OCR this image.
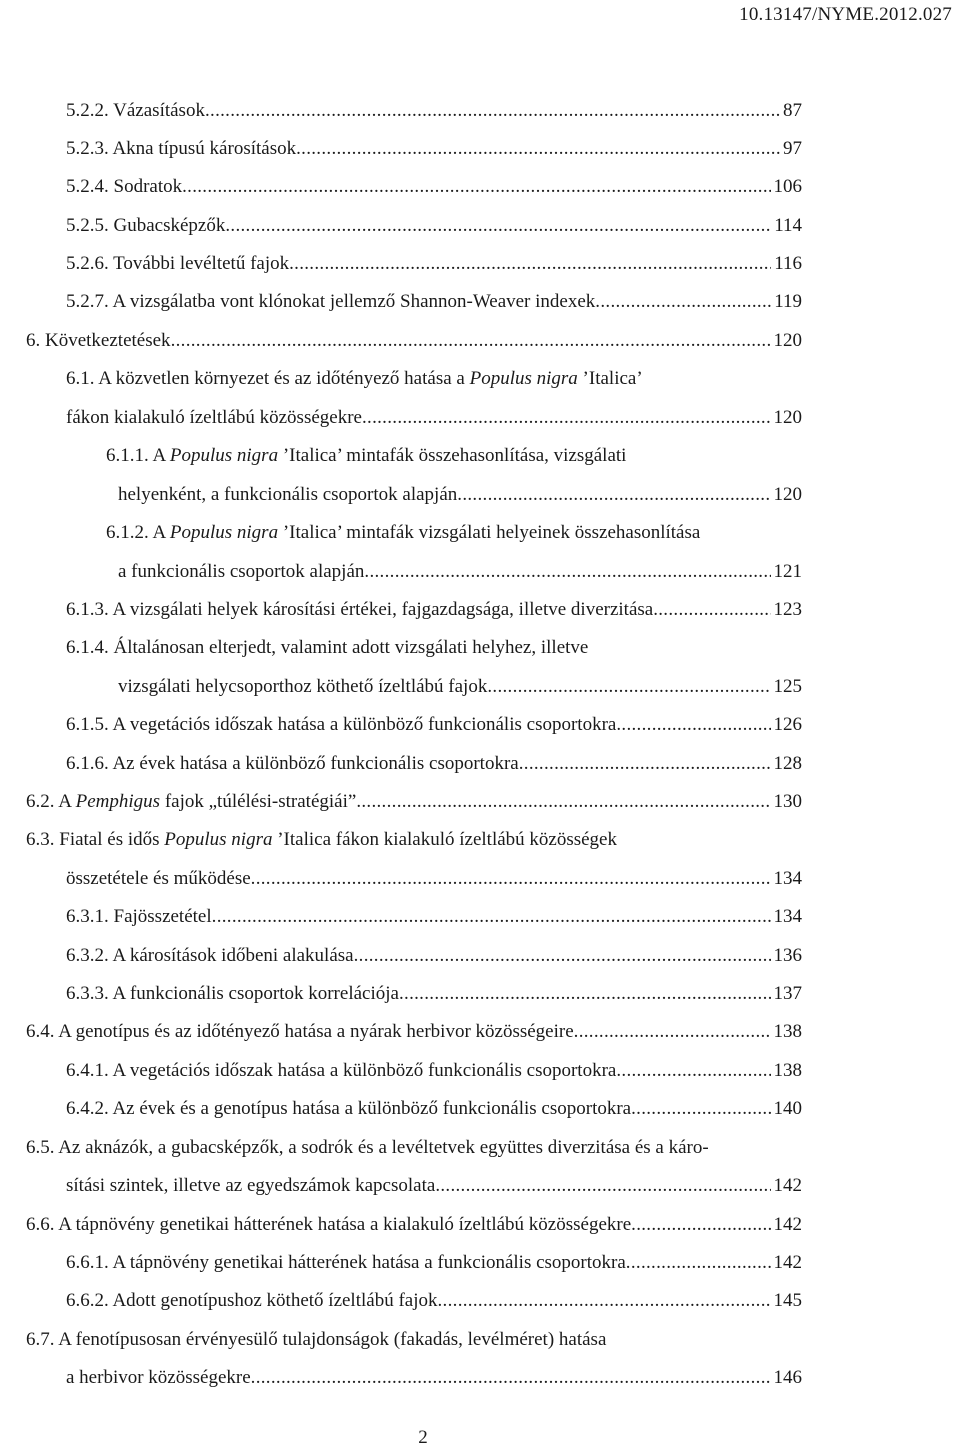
10.13147/NYME.2012.027
5.2.2. Vázasítások .....	87
5.2.3. Akna típusú károsítások .....	97
5.2.4. Sodratok .....	106
5.2.5. Gubacsképzők .....	114
5.2.6. További levéltetű fajok .....	116
5.2.7. A vizsgálatba vont klónokat jellemző Shannon-Weaver indexek .....	119
6. Következtetések .....	120
6.1. A közvetlen környezet és az időtényező hatása a Populus nigra ’Italica’
fákon kialakuló ízeltlábú közösségekre .....	120
6.1.1. A Populus nigra ’Italica’ mintafák összehasonlítása, vizsgálati
helyenként, a funkcionális csoportok alapján .....	120
6.1.2. A Populus nigra ’Italica’ mintafák vizsgálati helyeinek összehasonlítása
a funkcionális csoportok alapján .....	121
6.1.3. A vizsgálati helyek károsítási értékei, fajgazdagsága, illetve diverzitása .....	123
6.1.4. Általánosan elterjedt, valamint adott vizsgálati helyhez, illetve
vizsgálati helycsoporthoz köthető ízeltlábú fajok .....	125
6.1.5. A vegetációs időszak hatása a különböző funkcionális csoportokra .....	126
6.1.6. Az évek hatása a különböző funkcionális csoportokra .....	128
6.2. A Pemphigus fajok „túlélési-stratégiái” .....	130
6.3. Fiatal és idős Populus nigra ’Italica fákon kialakuló ízeltlábú közösségek
összetétele és működése .....	134
6.3.1. Fajösszetétel .....	134
6.3.2. A károsítások időbeni alakulása .....	136
6.3.3. A funkcionális csoportok korrelációja .....	137
6.4. A genotípus és az időtényező hatása a nyárak herbivor közösségeire .....	138
6.4.1. A vegetációs időszak hatása a különböző funkcionális csoportokra .....	138
6.4.2. Az évek és a genotípus hatása a különböző funkcionális csoportokra .....	140
6.5. Az aknázók, a gubacsképzők, a sodrók és a levéltetvek együttes diverzitása és a káro-
sítási szintek, illetve az egyedszámok kapcsolata .....	142
6.6. A tápnövény genetikai hátterének hatása a kialakuló ízeltlábú közösségekre .....	142
6.6.1. A tápnövény genetikai hátterének hatása a funkcionális csoportokra .....	142
6.6.2. Adott genotípushoz köthető ízeltlábú fajok .....	145
6.7. A fenotípusosan érvényesülő tulajdonságok (fakadás, levélméret) hatása
a herbivor közösségekre .....	146
2
